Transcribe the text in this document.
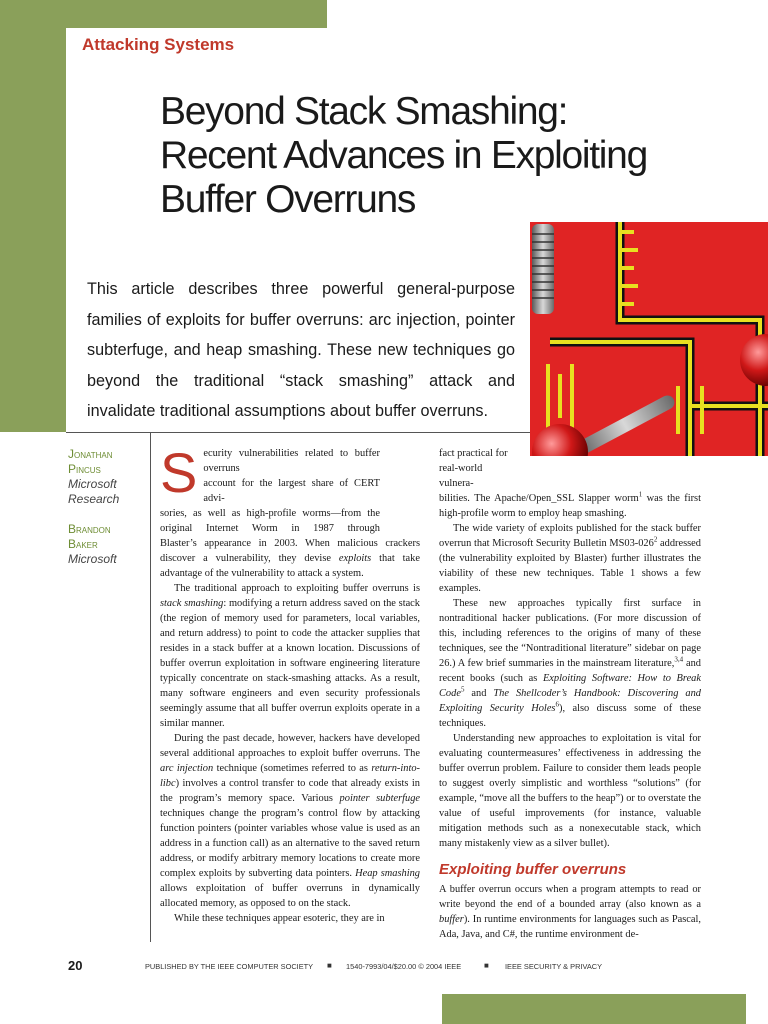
Attacking Systems
Beyond Stack Smashing:
Recent Advances in Exploiting
Buffer Overruns

This article describes three powerful general-purpose families of exploits for buffer overruns: arc injection, pointer subterfuge, and heap smashing. These new techniques go beyond the traditional “stack smashing” attack and invalidate traditional assumptions about buffer overruns.

Jonathan
Pincus
Microsoft
Research
Brandon
Baker
Microsoft

S ecurity vulnerabilities related to buffer overruns
account for the largest share of CERT advi-
sories, as well as high-profile worms—from the
original Internet Worm in 1987 through
Blaster’s appearance in 2003. When malicious crackers discover a vulnerability, they devise exploits that take advantage of the vulnerability to attack a system.

The traditional approach to exploiting buffer overruns is stack smashing: modifying a return address saved on the stack (the region of memory used for parameters, local variables, and return address) to point to code the attacker supplies that resides in a stack buffer at a known location. Discussions of buffer overrun exploitation in software engineering literature typically concentrate on stack-smashing attacks. As a result, many software engineers and even security professionals seemingly assume that all buffer overrun exploits operate in a similar manner.

During the past decade, however, hackers have developed several additional approaches to exploit buffer overruns. The arc injection technique (sometimes referred to as return-into-libc) involves a control transfer to code that already exists in the program’s memory space. Various pointer subterfuge techniques change the program’s control flow by attacking function pointers (pointer variables whose value is used as an address in a function call) as an alternative to the saved return address, or modify arbitrary memory locations to create more complex exploits by subverting data pointers. Heap smashing allows exploitation of buffer overruns in dynamically allocated memory, as opposed to on the stack.

While these techniques appear esoteric, they are in

fact practical for
real-world vulnera-
bilities. The Apache/Open_SSL Slapper worm$^1$ was the first high-profile worm to employ heap smashing.

The wide variety of exploits published for the stack buffer overrun that Microsoft Security Bulletin $MS03-026^2$ addressed (the vulnerability exploited by Blaster) further illustrates the viability of these new techniques. Table 1 shows a few examples.

These new approaches typically first surface in nontraditional hacker publications. (For more discussion of this, including references to the origins of many of these techniques, see the “Nontraditional literature” sidebar on page 26.) A few brief summaries in the mainstream literature,$^{3,4}$ and recent books (such as Exploiting Software: How to Break Code$^5$ and The Shellcoder’s Handbook: Discovering and Exploiting Security Holes$^6$), also discuss some of these techniques.

Understanding new approaches to exploitation is vital for evaluating countermeasures’ effectiveness in addressing the buffer overrun problem. Failure to consider them leads people to suggest overly simplistic and worthless “solutions” (for example, “move all the buffers to the heap”) or to overstate the value of useful improvements (for instance, valuable mitigation methods such as a nonexecutable stack, which many mistakenly view as a silver bullet).

Exploiting buffer overruns

A buffer overrun occurs when a program attempts to read or write beyond the end of a bounded array (also known as a buffer). In runtime environments for languages such as Pascal, Ada, Java, and C#, the runtime environment de-

20	PUBLISHED BY THE IEEE COMPUTER SOCIETY ■ 1540-7993/04/$20.00 © 2004 IEEE	■ IEEE SECURITY & PRIVACY
